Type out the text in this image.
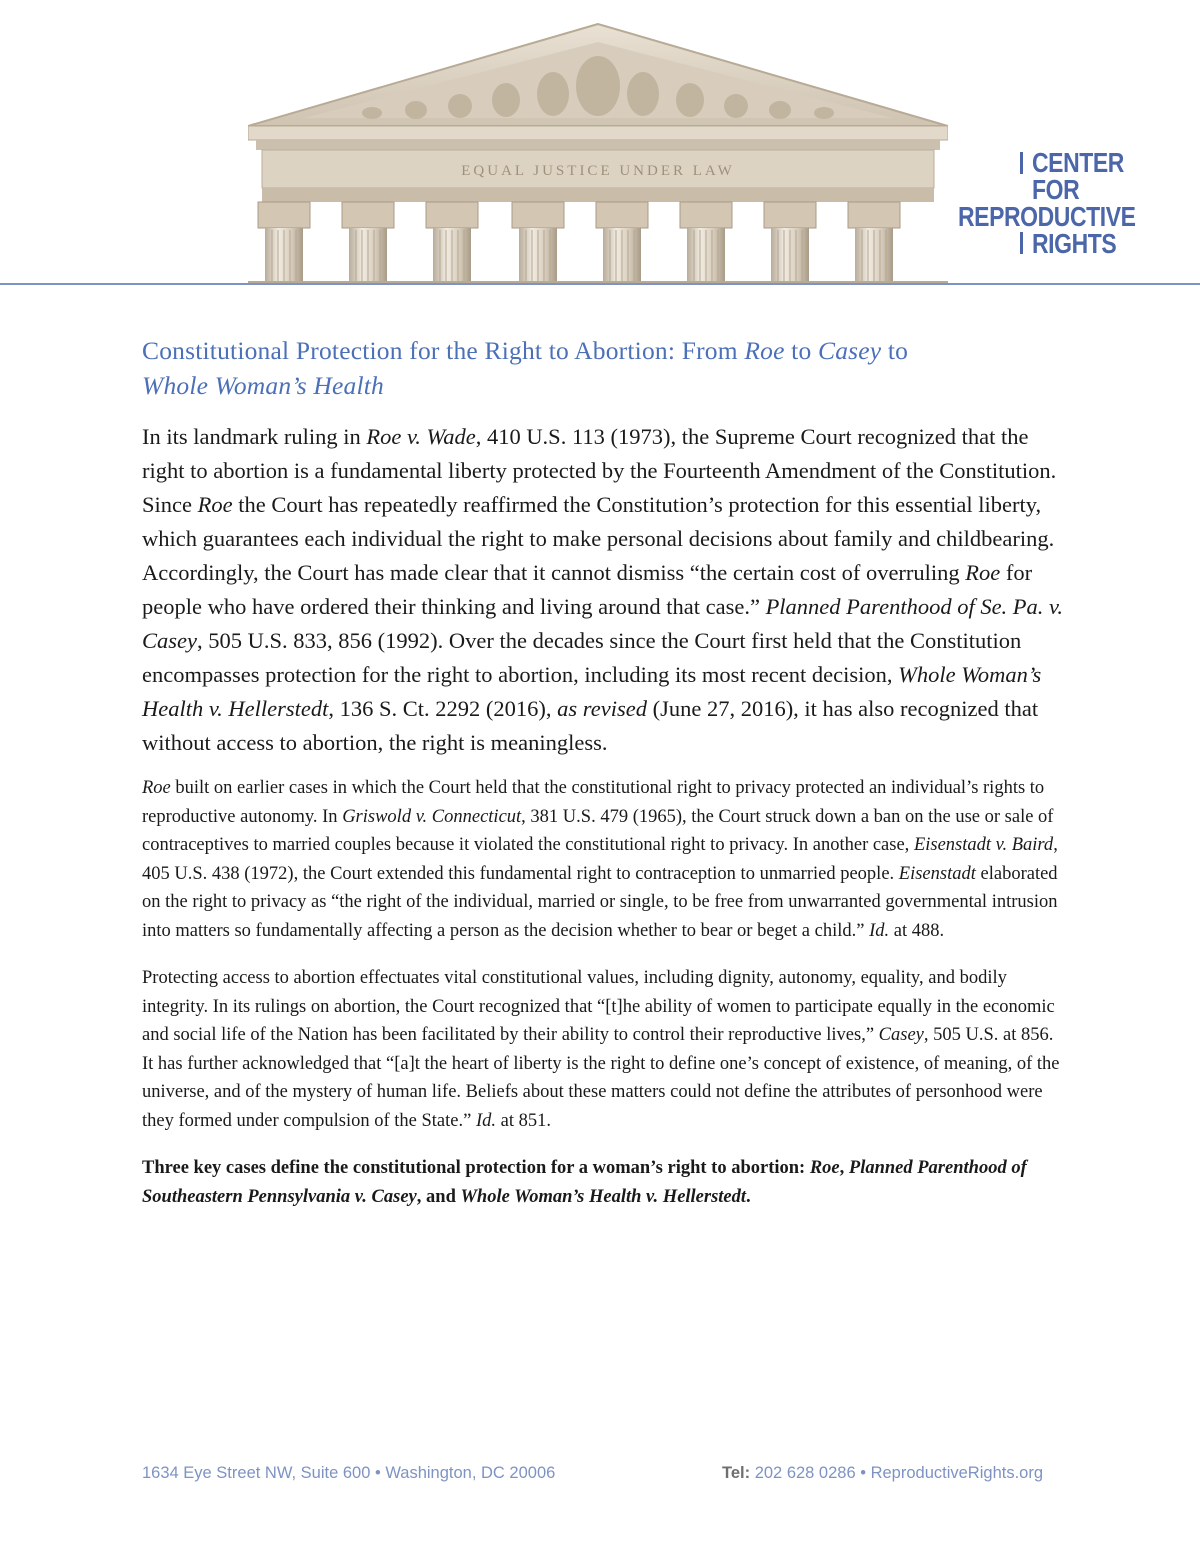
EQUAL JUSTICE UNDER LAW	CENTER
FOR
REPRODUCTIVE
RIGHTS
Constitutional Protection for the Right to Abortion: From Roe to Casey to
Whole Woman’s Health

In its landmark ruling in Roe v. Wade, 410 U.S. 113 (1973), the Supreme Court recognized that the right to abortion is a fundamental liberty protected by the Fourteenth Amendment of the Constitution. Since Roe the Court has repeatedly reaffirmed the Constitution’s protection for this essential liberty, which guarantees each individual the right to make personal decisions about family and childbearing. Accordingly, the Court has made clear that it cannot dismiss “the certain cost of overruling Roe for people who have ordered their thinking and living around that case.” Planned Parenthood of Se. Pa. v. Casey, 505 U.S. 833, 856 (1992). Over the decades since the Court first held that the Constitution encompasses protection for the right to abortion, including its most recent decision, Whole Woman’s Health v. Hellerstedt, 136 S. Ct. 2292 (2016), as revised (June 27, 2016), it has also recognized that without access to abortion, the right is meaningless.

Roe built on earlier cases in which the Court held that the constitutional right to privacy protected an individual’s rights to reproductive autonomy. In Griswold v. Connecticut, 381 U.S. 479 (1965), the Court struck down a ban on the use or sale of contraceptives to married couples because it violated the constitutional right to privacy. In another case, Eisenstadt v. Baird, 405 U.S. 438 (1972), the Court extended this fundamental right to contraception to unmarried people. Eisenstadt elaborated on the right to privacy as “the right of the individual, married or single, to be free from unwarranted governmental intrusion into matters so fundamentally affecting a person as the decision whether to bear or beget a child.” Id. at 488.

Protecting access to abortion effectuates vital constitutional values, including dignity, autonomy, equality, and bodily integrity. In its rulings on abortion, the Court recognized that “[t]he ability of women to participate equally in the economic and social life of the Nation has been facilitated by their ability to control their reproductive lives,” Casey, 505 U.S. at 856. It has further acknowledged that “[a]t the heart of liberty is the right to define one’s concept of existence, of meaning, of the universe, and of the mystery of human life. Beliefs about these matters could not define the attributes of personhood were they formed under compulsion of the State.” Id. at 851.

Three key cases define the constitutional protection for a woman’s right to abortion: Roe, Planned Parenthood of Southeastern Pennsylvania v. Casey, and Whole Woman’s Health v. Hellerstedt.

1634 Eye Street NW, Suite 600 • Washington, DC 20006	Tel: 202 628 0286 • ReproductiveRights.org
